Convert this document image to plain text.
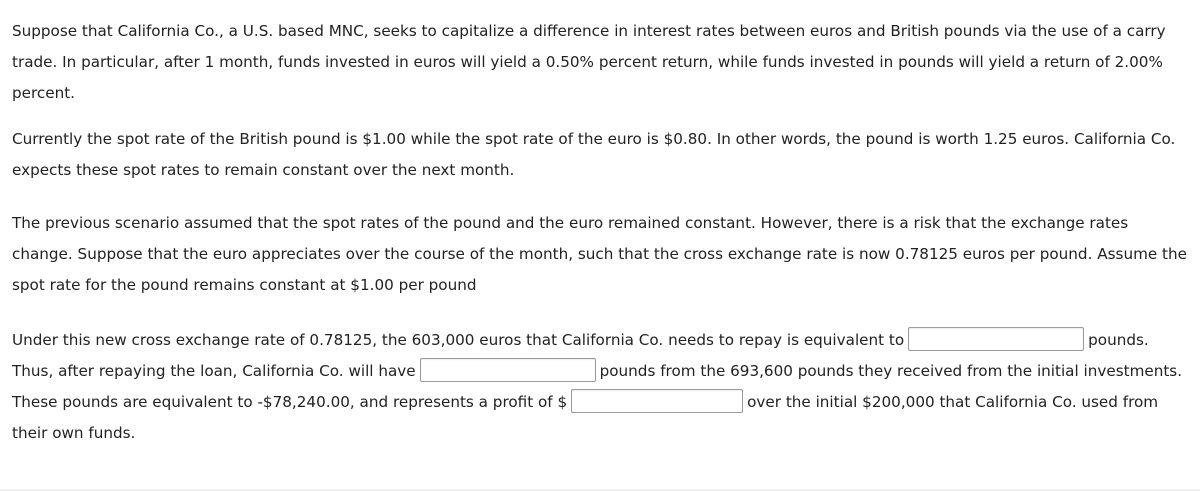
Suppose that California Co., a U.S. based MNC, seeks to capitalize a difference in interest rates between euros and British pounds via the use of a carry trade. In particular, after 1 month, funds invested in euros will yield a 0.50% percent return, while funds invested in pounds will yield a return of 2.00% percent.

Currently the spot rate of the British pound is $1.00 while the spot rate of the euro is $0.80. In other words, the pound is worth 1.25 euros. California Co. expects these spot rates to remain constant over the next month.

The previous scenario assumed that the spot rates of the pound and the euro remained constant. However, there is a risk that the exchange rates change. Suppose that the euro appreciates over the course of the month, such that the cross exchange rate is now 0.78125 euros per pound. Assume the spot rate for the pound remains constant at $1.00 per pound

Under this new cross exchange rate of 0.78125, the 603,000 euros that California Co. needs to repay is equivalent to	pounds. Thus, after repaying the loan, California Co. will have	pounds from the 693,600 pounds they received from the initial investments. These pounds are equivalent to -$78,240.00, and represents a profit of $	over the initial $200,000 that California Co. used from their own funds.
